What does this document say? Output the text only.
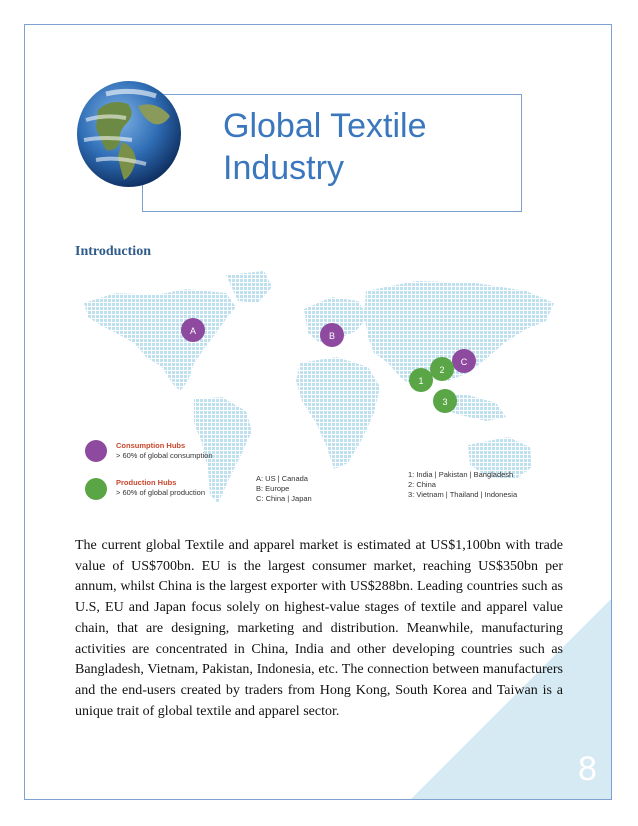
8
Global Textile
Industry
Introduction
A	B
C
1
2
3
Consumption Hubs
> 60% of global consumption
Production Hubs
> 60% of global production
A: US | Canada
B: Europe
C: China | Japan
1: India | Pakistan | Bangladesh
2: China
3: Vietnam | Thailand | Indonesia

The current global Textile and apparel market is estimated at US$1,100bn with trade value of US$700bn. EU is the largest consumer market, reaching US$350bn per annum, whilst China is the largest exporter with US$288bn. Leading countries such as U.S, EU and Japan focus solely on highest-value stages of textile and apparel value chain, that are designing, marketing and distribution. Meanwhile, manufacturing activities are concentrated in China, India and other developing countries such as Bangladesh, Vietnam, Pakistan, Indonesia, etc. The connection between manufacturers and the end-users created by traders from Hong Kong, South Korea and Taiwan is a unique trait of global textile and apparel sector.
